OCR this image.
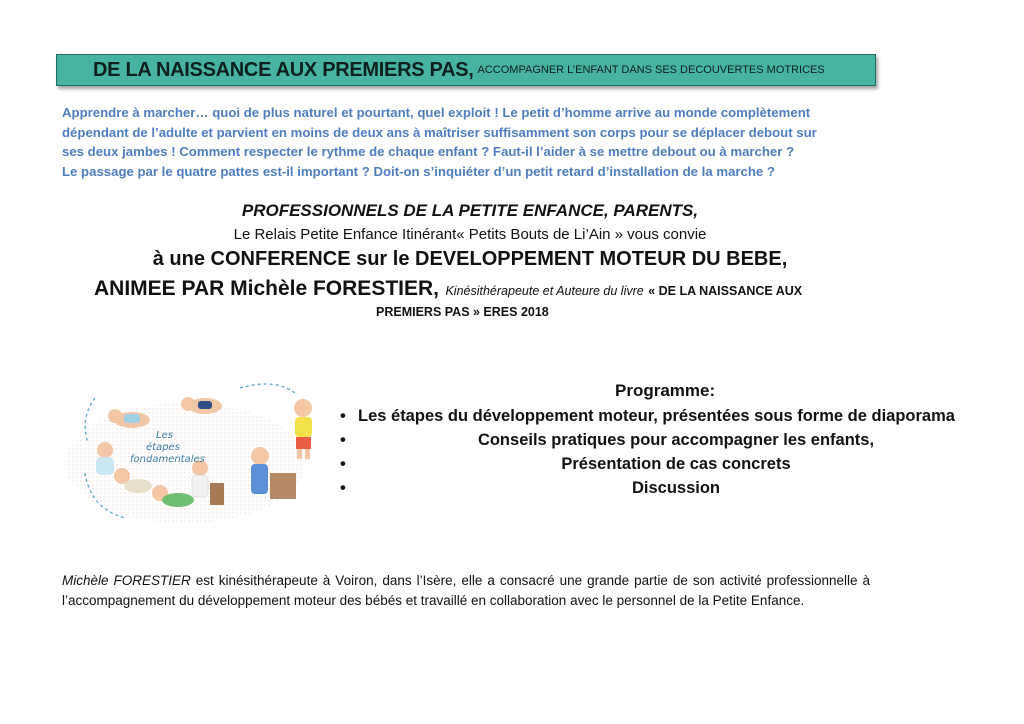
DE LA NAISSANCE AUX PREMIERS PAS, ACCOMPAGNER L’ENFANT DANS SES DECOUVERTES MOTRICES
Apprendre à marcher… quoi de plus naturel et pourtant, quel exploit ! Le petit d’homme arrive au monde complètement
dépendant de l’adulte et parvient en moins de deux ans à maîtriser suffisamment son corps pour se déplacer debout sur
ses deux jambes ! Comment respecter le rythme de chaque enfant ? Faut-il l’aider à se mettre debout ou à marcher ?
Le passage par le quatre pattes est-il important ? Doit-on s’inquiéter d’un petit retard d’installation de la marche ?
PROFESSIONNELS DE LA PETITE ENFANCE, PARENTS,
Le Relais Petite Enfance Itinérant« Petits Bouts de Li’Ain » vous convie
à une CONFERENCE sur le DEVELOPPEMENT MOTEUR DU BEBE,
ANIMEE PAR Michèle FORESTIER, Kinésithérapeute et Auteure du livre « DE LA NAISSANCE AUX
PREMIERS PAS » ERES 2018
Les
étapes
fondamentales
Programme:
• Les étapes du développement moteur, présentées sous forme de diaporama
•	Conseils pratiques pour accompagner les enfants,
•	Présentation de cas concrets
•	Discussion
Michèle FORESTIER est kinésithérapeute à Voiron, dans l’Isère, elle a consacré une grande partie de son activité professionnelle à l’accompagnement du développement moteur des bébés et travaillé en collaboration avec le personnel de la Petite Enfance.
